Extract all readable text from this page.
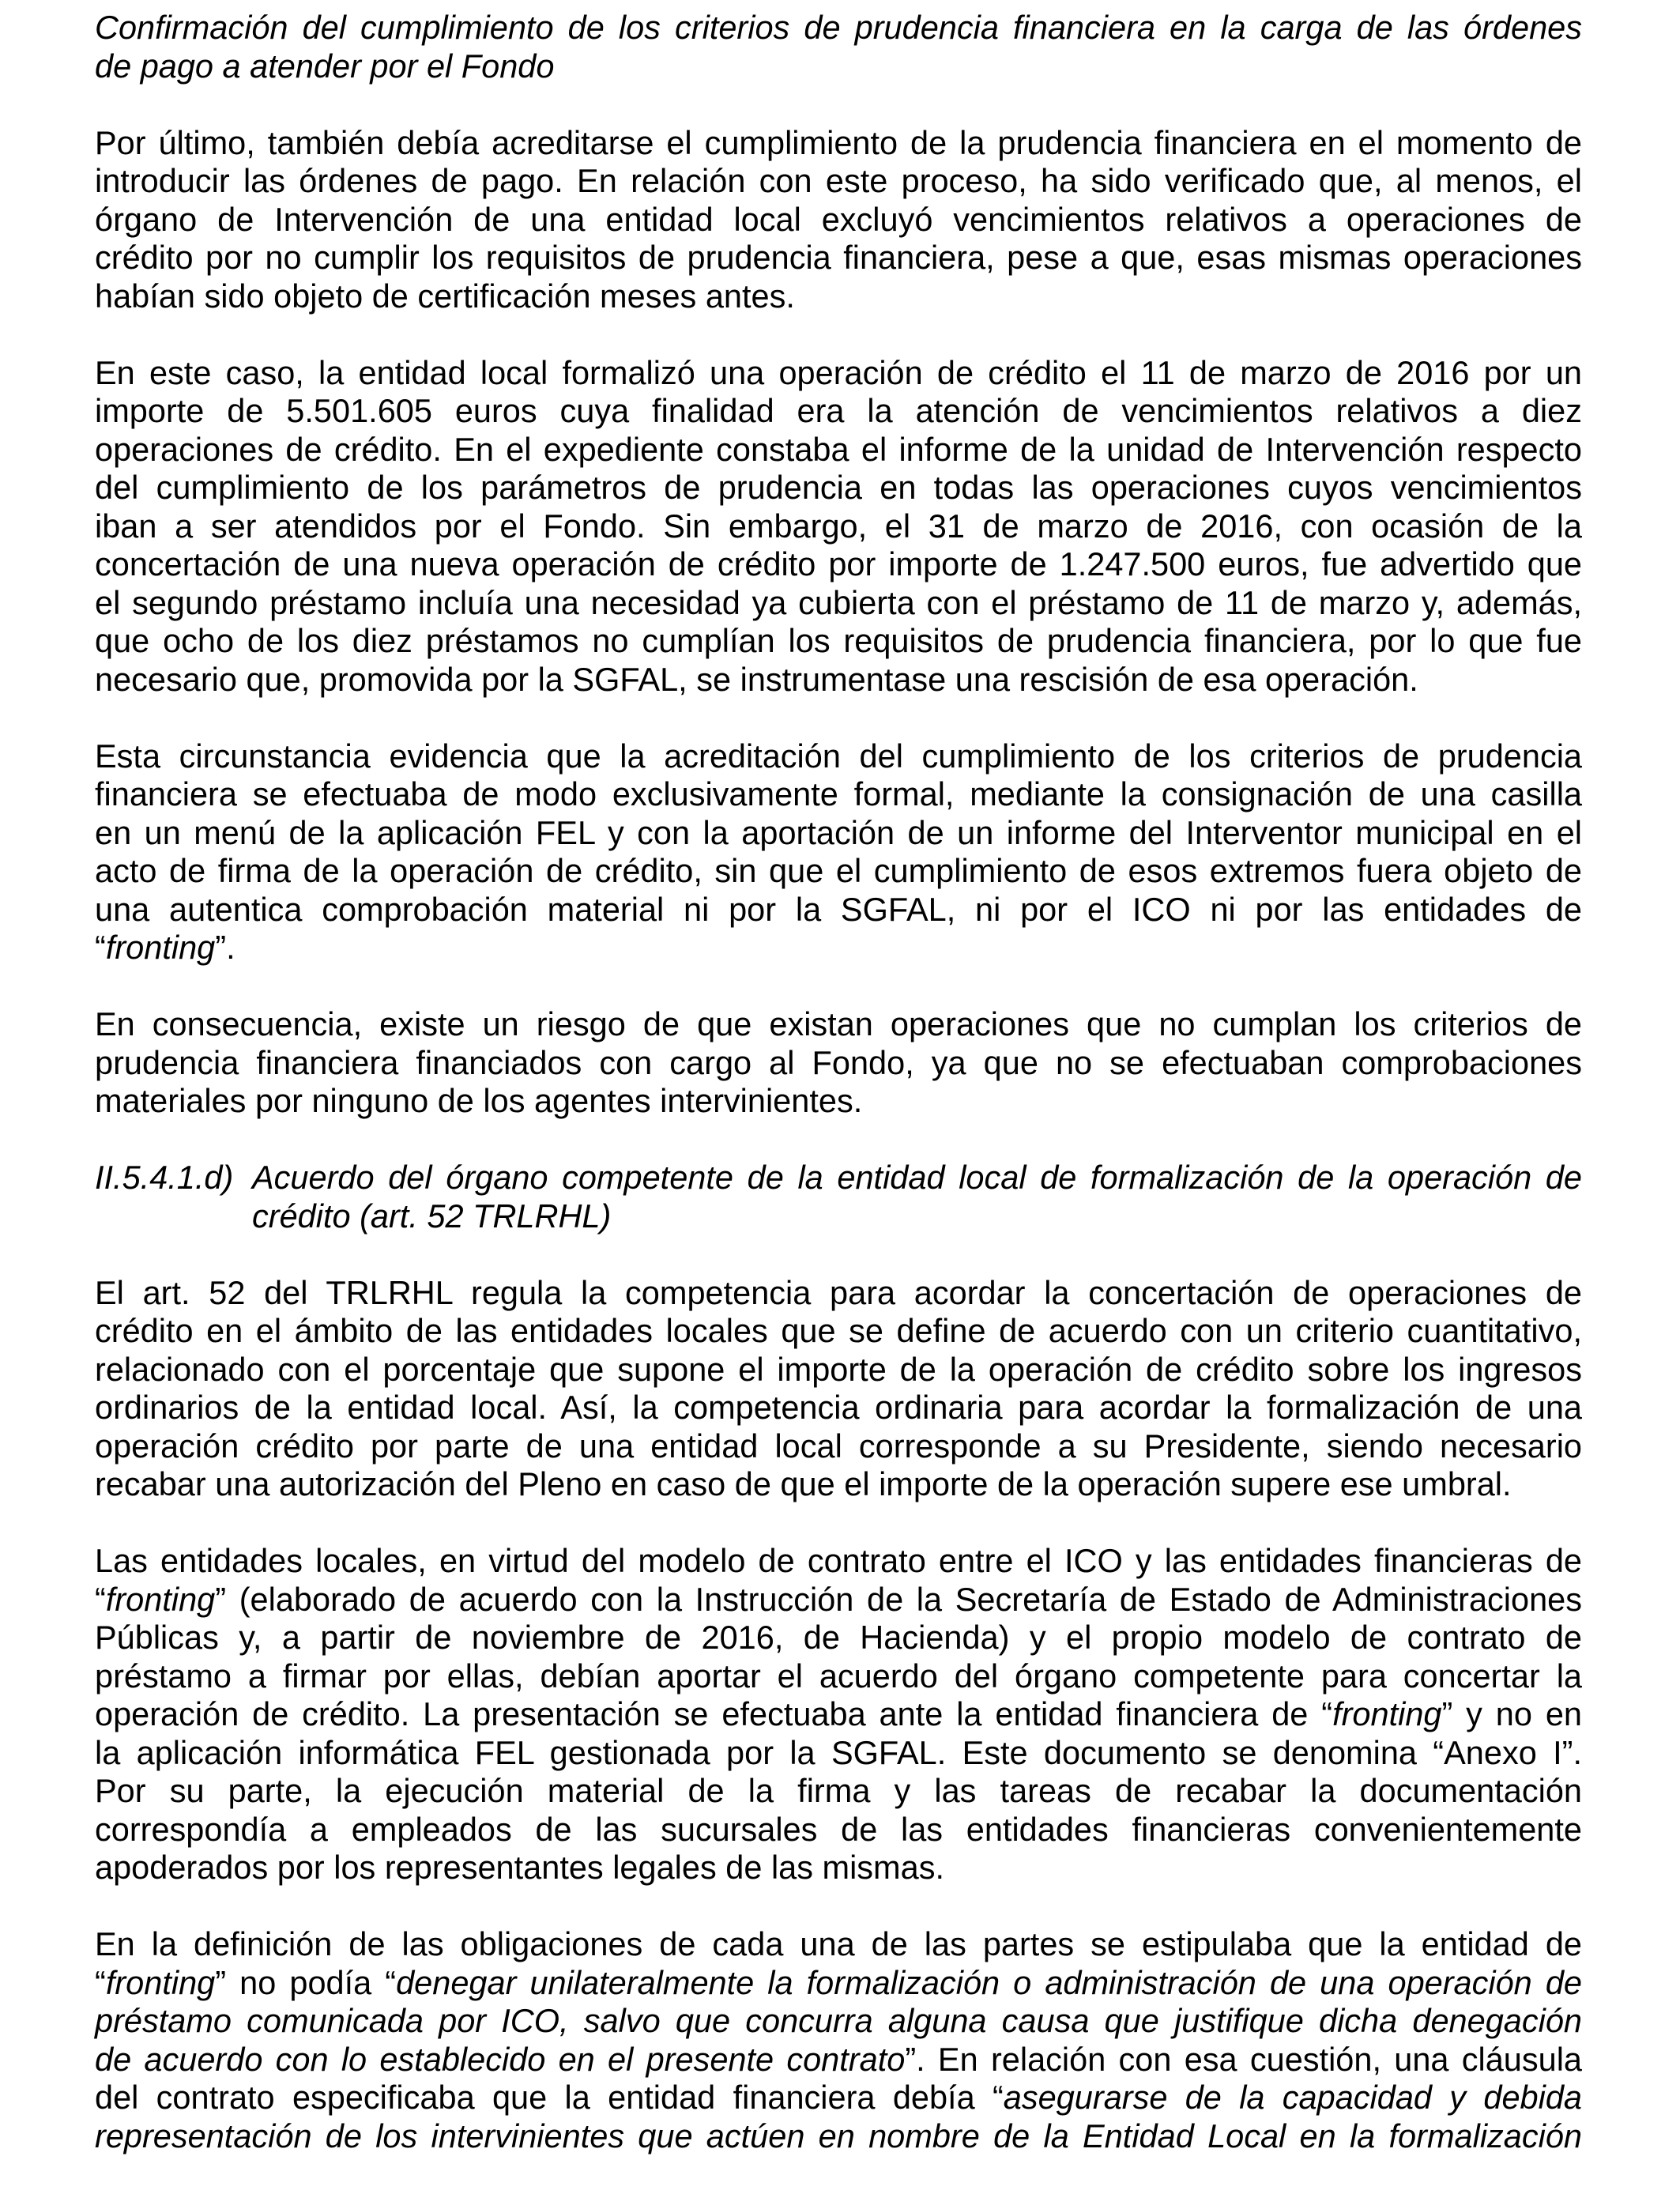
Confirmación del cumplimiento de los criterios de prudencia financiera en la carga de las órdenes
de pago a atender por el Fondo
Por último, también debía acreditarse el cumplimiento de la prudencia financiera en el momento de
introducir las órdenes de pago. En relación con este proceso, ha sido verificado que, al menos, el
órgano de Intervención de una entidad local excluyó vencimientos relativos a operaciones de
crédito por no cumplir los requisitos de prudencia financiera, pese a que, esas mismas operaciones
habían sido objeto de certificación meses antes.
En este caso, la entidad local formalizó una operación de crédito el 11 de marzo de 2016 por un
importe de 5.501.605 euros cuya finalidad era la atención de vencimientos relativos a diez
operaciones de crédito. En el expediente constaba el informe de la unidad de Intervención respecto
del cumplimiento de los parámetros de prudencia en todas las operaciones cuyos vencimientos
iban a ser atendidos por el Fondo. Sin embargo, el 31 de marzo de 2016, con ocasión de la
concertación de una nueva operación de crédito por importe de 1.247.500 euros, fue advertido que
el segundo préstamo incluía una necesidad ya cubierta con el préstamo de 11 de marzo y, además,
que ocho de los diez préstamos no cumplían los requisitos de prudencia financiera, por lo que fue
necesario que, promovida por la SGFAL, se instrumentase una rescisión de esa operación.
Esta circunstancia evidencia que la acreditación del cumplimiento de los criterios de prudencia
financiera se efectuaba de modo exclusivamente formal, mediante la consignación de una casilla
en un menú de la aplicación FEL y con la aportación de un informe del Interventor municipal en el
acto de firma de la operación de crédito, sin que el cumplimiento de esos extremos fuera objeto de
una autentica comprobación material ni por la SGFAL, ni por el ICO ni por las entidades de
“fronting”.
En consecuencia, existe un riesgo de que existan operaciones que no cumplan los criterios de
prudencia financiera financiados con cargo al Fondo, ya que no se efectuaban comprobaciones
materiales por ninguno de los agentes intervinientes.
II.5.4.1.d) Acuerdo del órgano competente de la entidad local de formalización de la operación de
crédito (art. 52 TRLRHL)
El art. 52 del TRLRHL regula la competencia para acordar la concertación de operaciones de
crédito en el ámbito de las entidades locales que se define de acuerdo con un criterio cuantitativo,
relacionado con el porcentaje que supone el importe de la operación de crédito sobre los ingresos
ordinarios de la entidad local. Así, la competencia ordinaria para acordar la formalización de una
operación crédito por parte de una entidad local corresponde a su Presidente, siendo necesario
recabar una autorización del Pleno en caso de que el importe de la operación supere ese umbral.
Las entidades locales, en virtud del modelo de contrato entre el ICO y las entidades financieras de
“fronting” (elaborado de acuerdo con la Instrucción de la Secretaría de Estado de Administraciones
Públicas y, a partir de noviembre de 2016, de Hacienda) y el propio modelo de contrato de
préstamo a firmar por ellas, debían aportar el acuerdo del órgano competente para concertar la
operación de crédito. La presentación se efectuaba ante la entidad financiera de “fronting” y no en
la aplicación informática FEL gestionada por la SGFAL. Este documento se denomina “Anexo I”.
Por su parte, la ejecución material de la firma y las tareas de recabar la documentación
correspondía a empleados de las sucursales de las entidades financieras convenientemente
apoderados por los representantes legales de las mismas.
En la definición de las obligaciones de cada una de las partes se estipulaba que la entidad de
“fronting” no podía “denegar unilateralmente la formalización o administración de una operación de
préstamo comunicada por ICO, salvo que concurra alguna causa que justifique dicha denegación
de acuerdo con lo establecido en el presente contrato”. En relación con esa cuestión, una cláusula
del contrato especificaba que la entidad financiera debía “asegurarse de la capacidad y debida
representación de los intervinientes que actúen en nombre de la Entidad Local en la formalización
